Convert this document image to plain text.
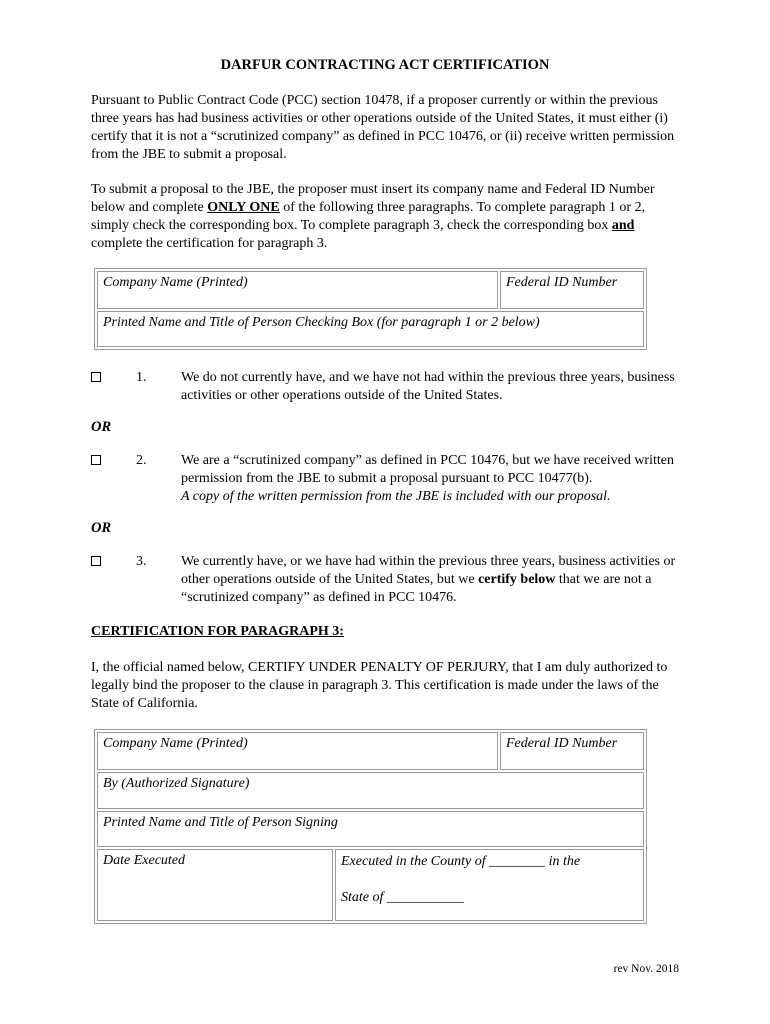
DARFUR CONTRACTING ACT CERTIFICATION
Pursuant to Public Contract Code (PCC) section 10478, if a proposer currently or within the previous three years has had business activities or other operations outside of the United States, it must either (i) certify that it is not a “scrutinized company” as defined in PCC 10476, or (ii) receive written permission from the JBE to submit a proposal.
To submit a proposal to the JBE, the proposer must insert its company name and Federal ID Number below and complete ONLY ONE of the following three paragraphs. To complete paragraph 1 or 2, simply check the corresponding box. To complete paragraph 3, check the corresponding box and complete the certification for paragraph 3.
Company Name (Printed)	Federal ID Number
Printed Name and Title of Person Checking Box (for paragraph 1 or 2 below)
1. We do not currently have, and we have not had within the previous three years, business activities or other operations outside of the United States.
OR
2. We are a “scrutinized company” as defined in PCC 10476, but we have received written permission from the JBE to submit a proposal pursuant to PCC 10477(b).
A copy of the written permission from the JBE is included with our proposal.
OR
3. We currently have, or we have had within the previous three years, business activities or other operations outside of the United States, but we certify below that we are not a “scrutinized company” as defined in PCC 10476.
CERTIFICATION FOR PARAGRAPH 3:
I, the official named below, CERTIFY UNDER PENALTY OF PERJURY, that I am duly authorized to legally bind the proposer to the clause in paragraph 3. This certification is made under the laws of the State of California.
Company Name (Printed)	Federal ID Number
By (Authorized Signature)
Printed Name and Title of Person Signing
Date Executed	Executed in the County of ________ in the
State of ___________
rev Nov. 2018
